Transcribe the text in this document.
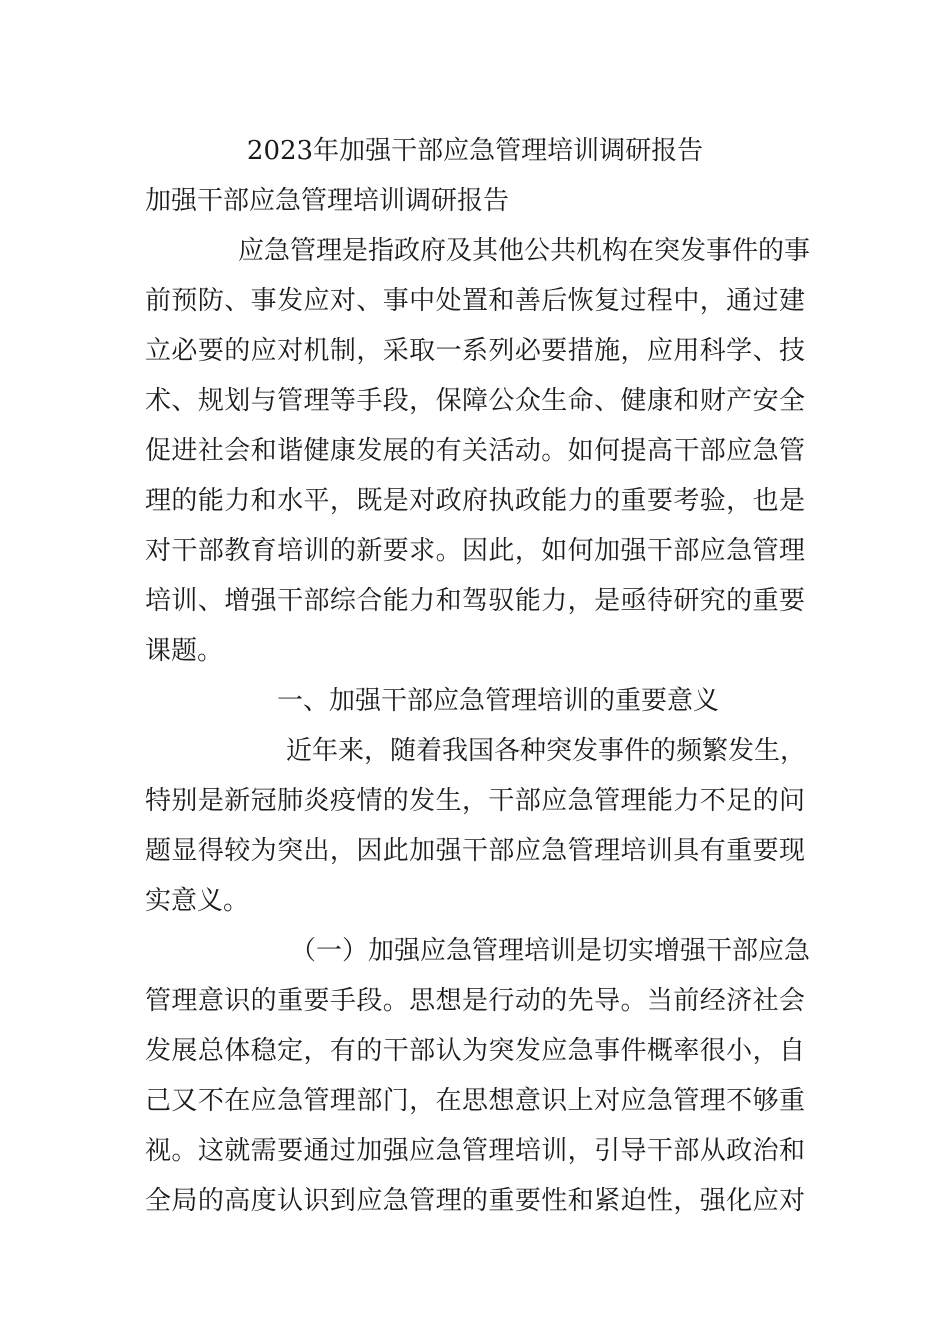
2023年加强干部应急管理培训调研报告
加强干部应急管理培训调研报告
应急管理是指政府及其他公共机构在突发事件的事
前预防、事发应对、事中处置和善后恢复过程中，通过建
立必要的应对机制，采取一系列必要措施，应用科学、技
术、规划与管理等手段，保障公众生命、健康和财产安全
促进社会和谐健康发展的有关活动。如何提高干部应急管
理的能力和水平，既是对政府执政能力的重要考验，也是
对干部教育培训的新要求。因此，如何加强干部应急管理
培训、增强干部综合能力和驾驭能力，是亟待研究的重要
课题。
一、加强干部应急管理培训的重要意义
近年来，随着我国各种突发事件的频繁发生，
特别是新冠肺炎疫情的发生，干部应急管理能力不足的问
题显得较为突出，因此加强干部应急管理培训具有重要现
实意义。
（一）加强应急管理培训是切实增强干部应急
管理意识的重要手段。思想是行动的先导。当前经济社会
发展总体稳定，有的干部认为突发应急事件概率很小，自
己又不在应急管理部门，在思想意识上对应急管理不够重
视。这就需要通过加强应急管理培训，引导干部从政治和
全局的高度认识到应急管理的重要性和紧迫性，强化应对
